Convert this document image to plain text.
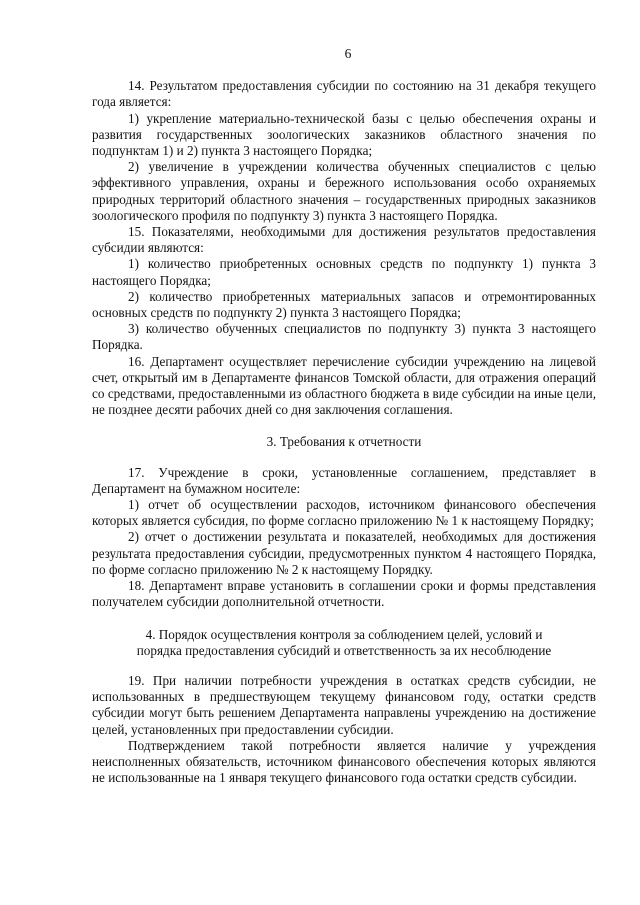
6

14. Результатом предоставления субсидии по состоянию на 31 декабря текущего года является:

1) укрепление материально-технической базы с целью обеспечения охраны и развития государственных зоологических заказников областного значения по подпунктам 1) и 2) пункта 3 настоящего Порядка;

2) увеличение в учреждении количества обученных специалистов с целью эффективного управления, охраны и бережного использования особо охраняемых природных территорий областного значения – государственных природных заказников зоологического профиля по подпункту 3) пункта 3 настоящего Порядка.

15. Показателями, необходимыми для достижения результатов предоставления субсидии являются:

1) количество приобретенных основных средств по подпункту 1) пункта 3 настоящего Порядка;

2) количество приобретенных материальных запасов и отремонтированных основных средств по подпункту 2) пункта 3 настоящего Порядка;

3) количество обученных специалистов по подпункту 3) пункта 3 настоящего Порядка.

16. Департамент осуществляет перечисление субсидии учреждению на лицевой счет, открытый им в Департаменте финансов Томской области, для отражения операций со средствами, предоставленными из областного бюджета в виде субсидии на иные цели, не позднее десяти рабочих дней со дня заключения соглашения.

3. Требования к отчетности

17. Учреждение в сроки, установленные соглашением, представляет в Департамент на бумажном носителе:

1) отчет об осуществлении расходов, источником финансового обеспечения которых является субсидия, по форме согласно приложению № 1 к настоящему Порядку;

2) отчет о достижении результата и показателей, необходимых для достижения результата предоставления субсидии, предусмотренных пунктом 4 настоящего Порядка, по форме согласно приложению № 2 к настоящему Порядку.

18. Департамент вправе установить в соглашении сроки и формы представления получателем субсидии дополнительной отчетности.

4. Порядок осуществления контроля за соблюдением целей, условий и

порядка предоставления субсидий и ответственность за их несоблюдение

19. При наличии потребности учреждения в остатках средств субсидии, не использованных в предшествующем текущему финансовом году, остатки средств субсидии могут быть решением Департамента направлены учреждению на достижение целей, установленных при предоставлении субсидии.

Подтверждением такой потребности является наличие у учреждения неисполненных обязательств, источником финансового обеспечения которых являются не использованные на 1 января текущего финансового года остатки средств субсидии.
